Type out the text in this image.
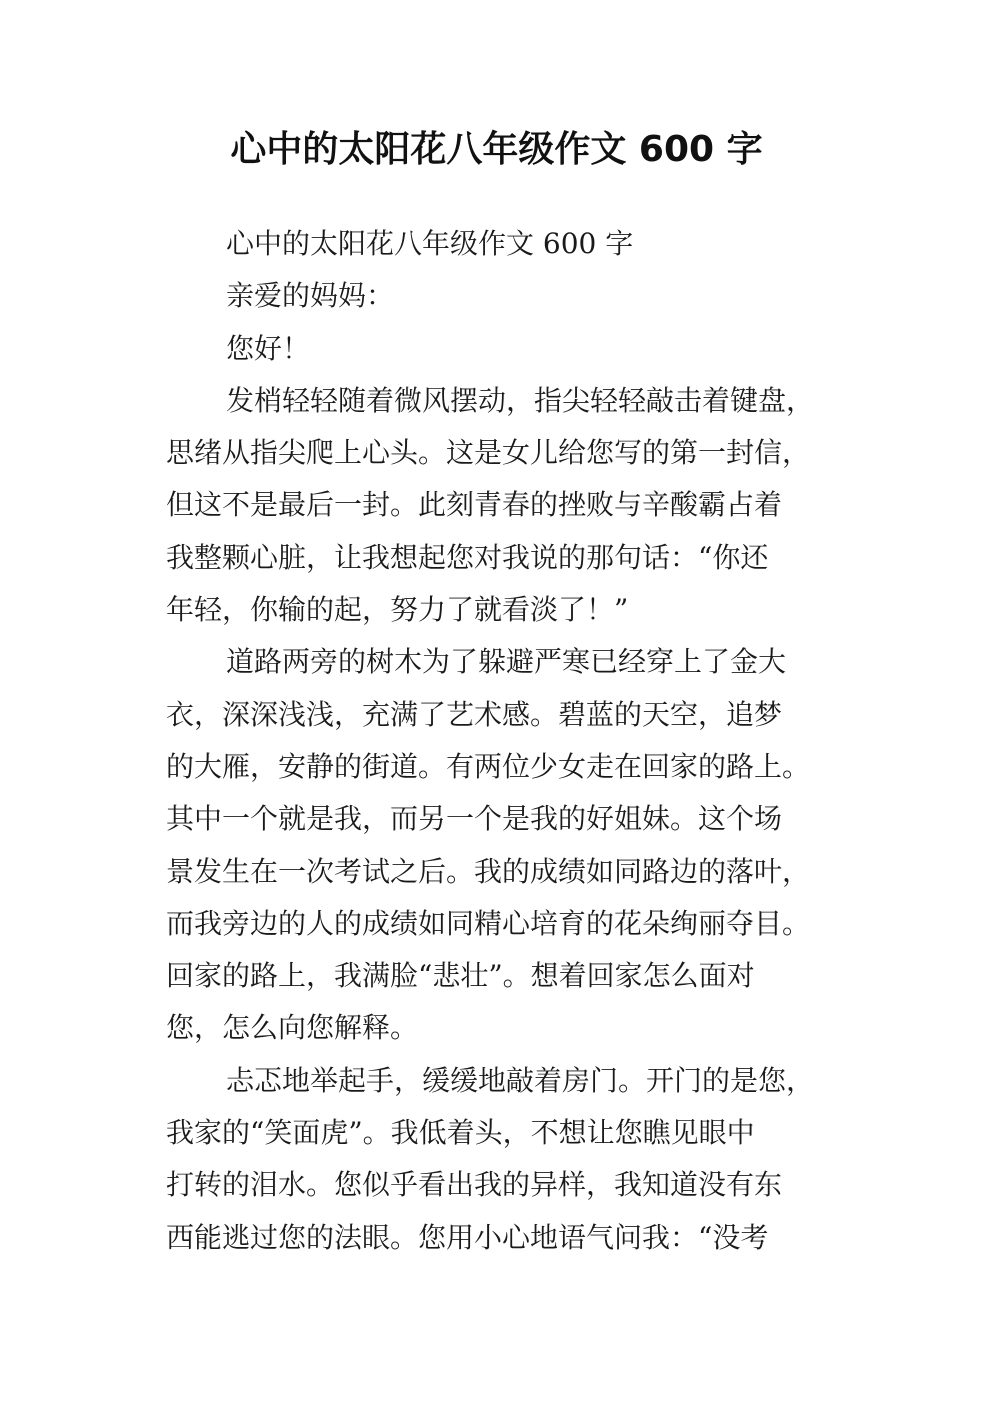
心中的太阳花八年级作文 600 字
心中的太阳花八年级作文 600 字
亲爱的妈妈：
您好！
发梢轻轻随着微风摆动，指尖轻轻敲击着键盘，
思绪从指尖爬上心头。这是女儿给您写的第一封信，
但这不是最后一封。此刻青春的挫败与辛酸霸占着
我整颗心脏，让我想起您对我说的那句话：“你还
年轻，你输的起，努力了就看淡了！”
道路两旁的树木为了躲避严寒已经穿上了金大
衣，深深浅浅，充满了艺术感。碧蓝的天空，追梦
的大雁，安静的街道。有两位少女走在回家的路上。
其中一个就是我，而另一个是我的好姐妹。这个场
景发生在一次考试之后。我的成绩如同路边的落叶，
而我旁边的人的成绩如同精心培育的花朵绚丽夺目。
回家的路上，我满脸“悲壮”。想着回家怎么面对
您，怎么向您解释。
忐忑地举起手，缓缓地敲着房门。开门的是您，
我家的“笑面虎”。我低着头，不想让您瞧见眼中
打转的泪水。您似乎看出我的异样，我知道没有东
西能逃过您的法眼。您用小心地语气问我：“没考
